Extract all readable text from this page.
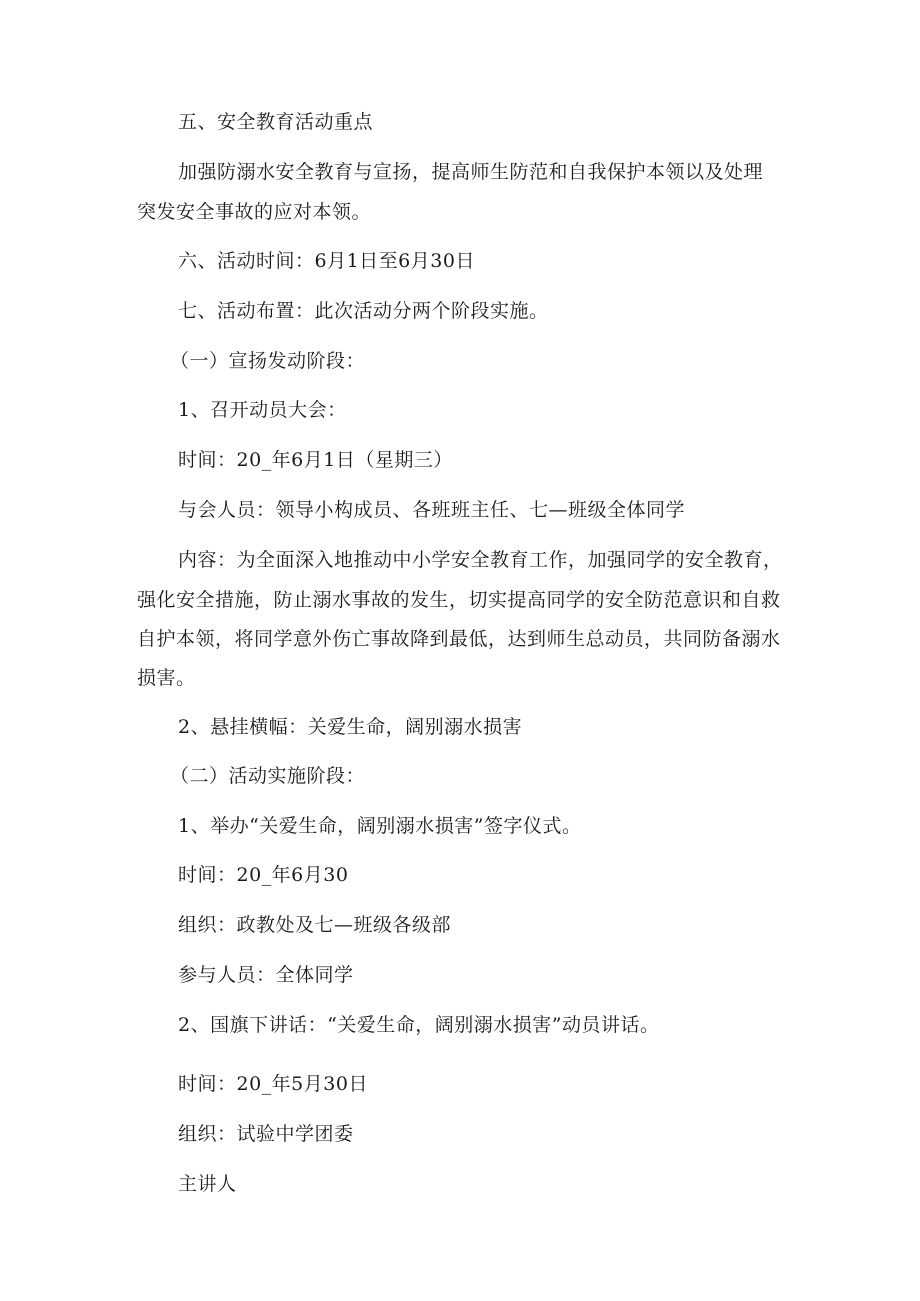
五、安全教育活动重点

加强防溺水安全教育与宣扬，提高师生防范和自我保护本领以及处理

突发安全事故的应对本领。

六、活动时间：6月1日至6月30日

七、活动布置：此次活动分两个阶段实施。

（一）宣扬发动阶段：

1、召开动员大会：

时间：20_年6月1日（星期三）

与会人员：领导小构成员、各班班主任、七—班级全体同学

内容：为全面深入地推动中小学安全教育工作，加强同学的安全教育，

强化安全措施，防止溺水事故的发生，切实提高同学的安全防范意识和自救

自护本领，将同学意外伤亡事故降到最低，达到师生总动员，共同防备溺水

损害。

2、悬挂横幅：关爱生命，阔别溺水损害

（二）活动实施阶段：

1、举办“关爱生命，阔别溺水损害”签字仪式。

时间：20_年6月30

组织：政教处及七—班级各级部

参与人员：全体同学

2、国旗下讲话：“关爱生命，阔别溺水损害”动员讲话。

时间：20_年5月30日

组织：试验中学团委

主讲人
